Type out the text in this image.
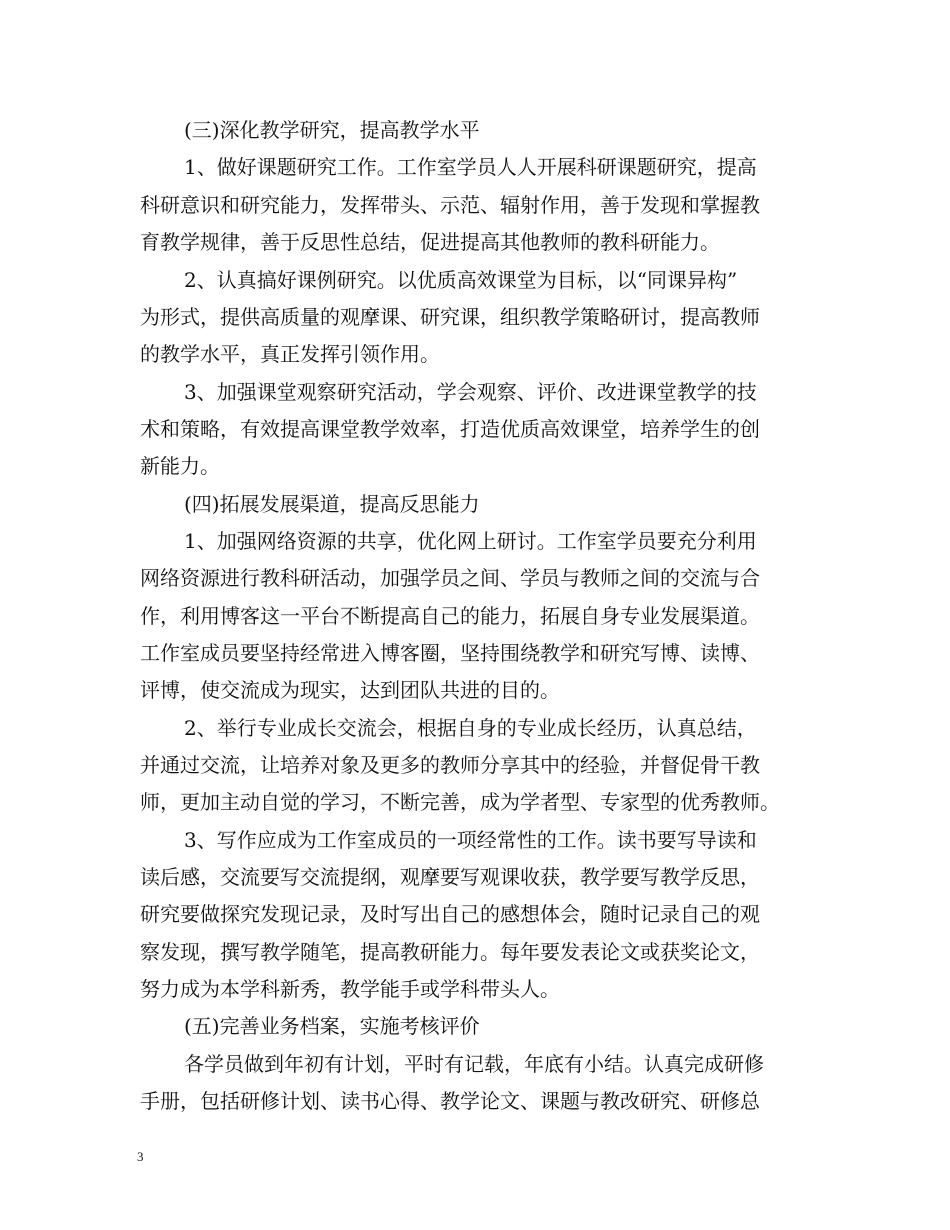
(三)深化教学研究，提高教学水平
1、做好课题研究工作。工作室学员人人开展科研课题研究，提高
科研意识和研究能力，发挥带头、示范、辐射作用，善于发现和掌握教
育教学规律，善于反思性总结，促进提高其他教师的教科研能力。
2、认真搞好课例研究。以优质高效课堂为目标，以“同课异构”
为形式，提供高质量的观摩课、研究课，组织教学策略研讨，提高教师
的教学水平，真正发挥引领作用。
3、加强课堂观察研究活动，学会观察、评价、改进课堂教学的技
术和策略，有效提高课堂教学效率，打造优质高效课堂，培养学生的创
新能力。
(四)拓展发展渠道，提高反思能力
1、加强网络资源的共享，优化网上研讨。工作室学员要充分利用
网络资源进行教科研活动，加强学员之间、学员与教师之间的交流与合
作，利用博客这一平台不断提高自己的能力，拓展自身专业发展渠道。
工作室成员要坚持经常进入博客圈，坚持围绕教学和研究写博、读博、
评博，使交流成为现实，达到团队共进的目的。
2、举行专业成长交流会，根据自身的专业成长经历，认真总结，
并通过交流，让培养对象及更多的教师分享其中的经验，并督促骨干教
师，更加主动自觉的学习，不断完善，成为学者型、专家型的优秀教师。
3、写作应成为工作室成员的一项经常性的工作。读书要写导读和
读后感，交流要写交流提纲，观摩要写观课收获，教学要写教学反思，
研究要做探究发现记录，及时写出自己的感想体会，随时记录自己的观
察发现，撰写教学随笔，提高教研能力。每年要发表论文或获奖论文，
努力成为本学科新秀，教学能手或学科带头人。
(五)完善业务档案，实施考核评价
各学员做到年初有计划，平时有记载，年底有小结。认真完成研修
手册，包括研修计划、读书心得、教学论文、课题与教改研究、研修总
3
